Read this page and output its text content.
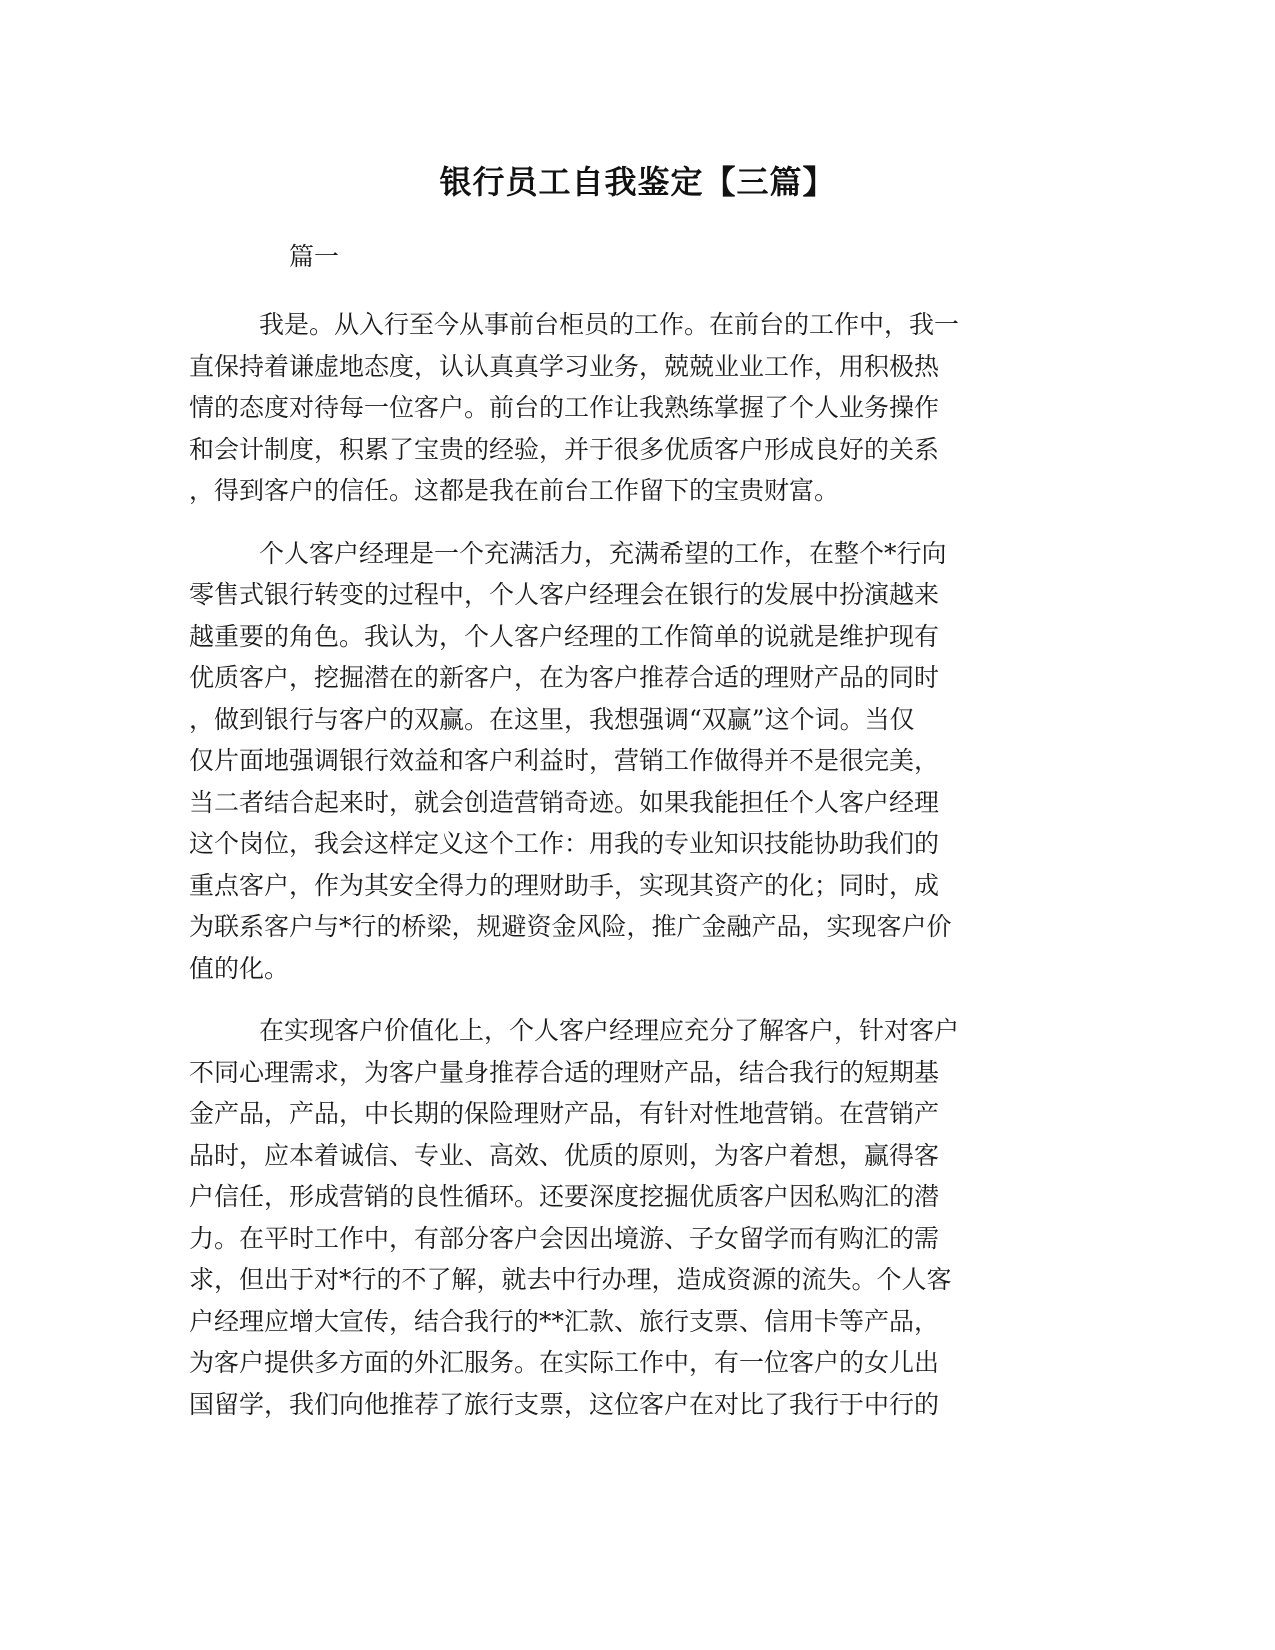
银行员工自我鉴定【三篇】
篇一
我是。从入行至今从事前台柜员的工作。在前台的工作中，我一
直保持着谦虚地态度，认认真真学习业务，兢兢业业工作，用积极热
情的态度对待每一位客户。前台的工作让我熟练掌握了个人业务操作
和会计制度，积累了宝贵的经验，并于很多优质客户形成良好的关系
，得到客户的信任。这都是我在前台工作留下的宝贵财富。
个人客户经理是一个充满活力，充满希望的工作，在整个*行向
零售式银行转变的过程中，个人客户经理会在银行的发展中扮演越来
越重要的角色。我认为，个人客户经理的工作简单的说就是维护现有
优质客户，挖掘潜在的新客户，在为客户推荐合适的理财产品的同时
，做到银行与客户的双赢。在这里，我想强调“双赢”这个词。当仅
仅片面地强调银行效益和客户利益时，营销工作做得并不是很完美，
当二者结合起来时，就会创造营销奇迹。如果我能担任个人客户经理
这个岗位，我会这样定义这个工作：用我的专业知识技能协助我们的
重点客户，作为其安全得力的理财助手，实现其资产的化；同时，成
为联系客户与*行的桥梁，规避资金风险，推广金融产品，实现客户价
值的化。
在实现客户价值化上，个人客户经理应充分了解客户，针对客户
不同心理需求，为客户量身推荐合适的理财产品，结合我行的短期基
金产品，产品，中长期的保险理财产品，有针对性地营销。在营销产
品时，应本着诚信、专业、高效、优质的原则，为客户着想，赢得客
户信任，形成营销的良性循环。还要深度挖掘优质客户因私购汇的潜
力。在平时工作中，有部分客户会因出境游、子女留学而有购汇的需
求，但出于对*行的不了解，就去中行办理，造成资源的流失。个人客
户经理应增大宣传，结合我行的**汇款、旅行支票、信用卡等产品，
为客户提供多方面的外汇服务。在实际工作中，有一位客户的女儿出
国留学，我们向他推荐了旅行支票，这位客户在对比了我行于中行的
